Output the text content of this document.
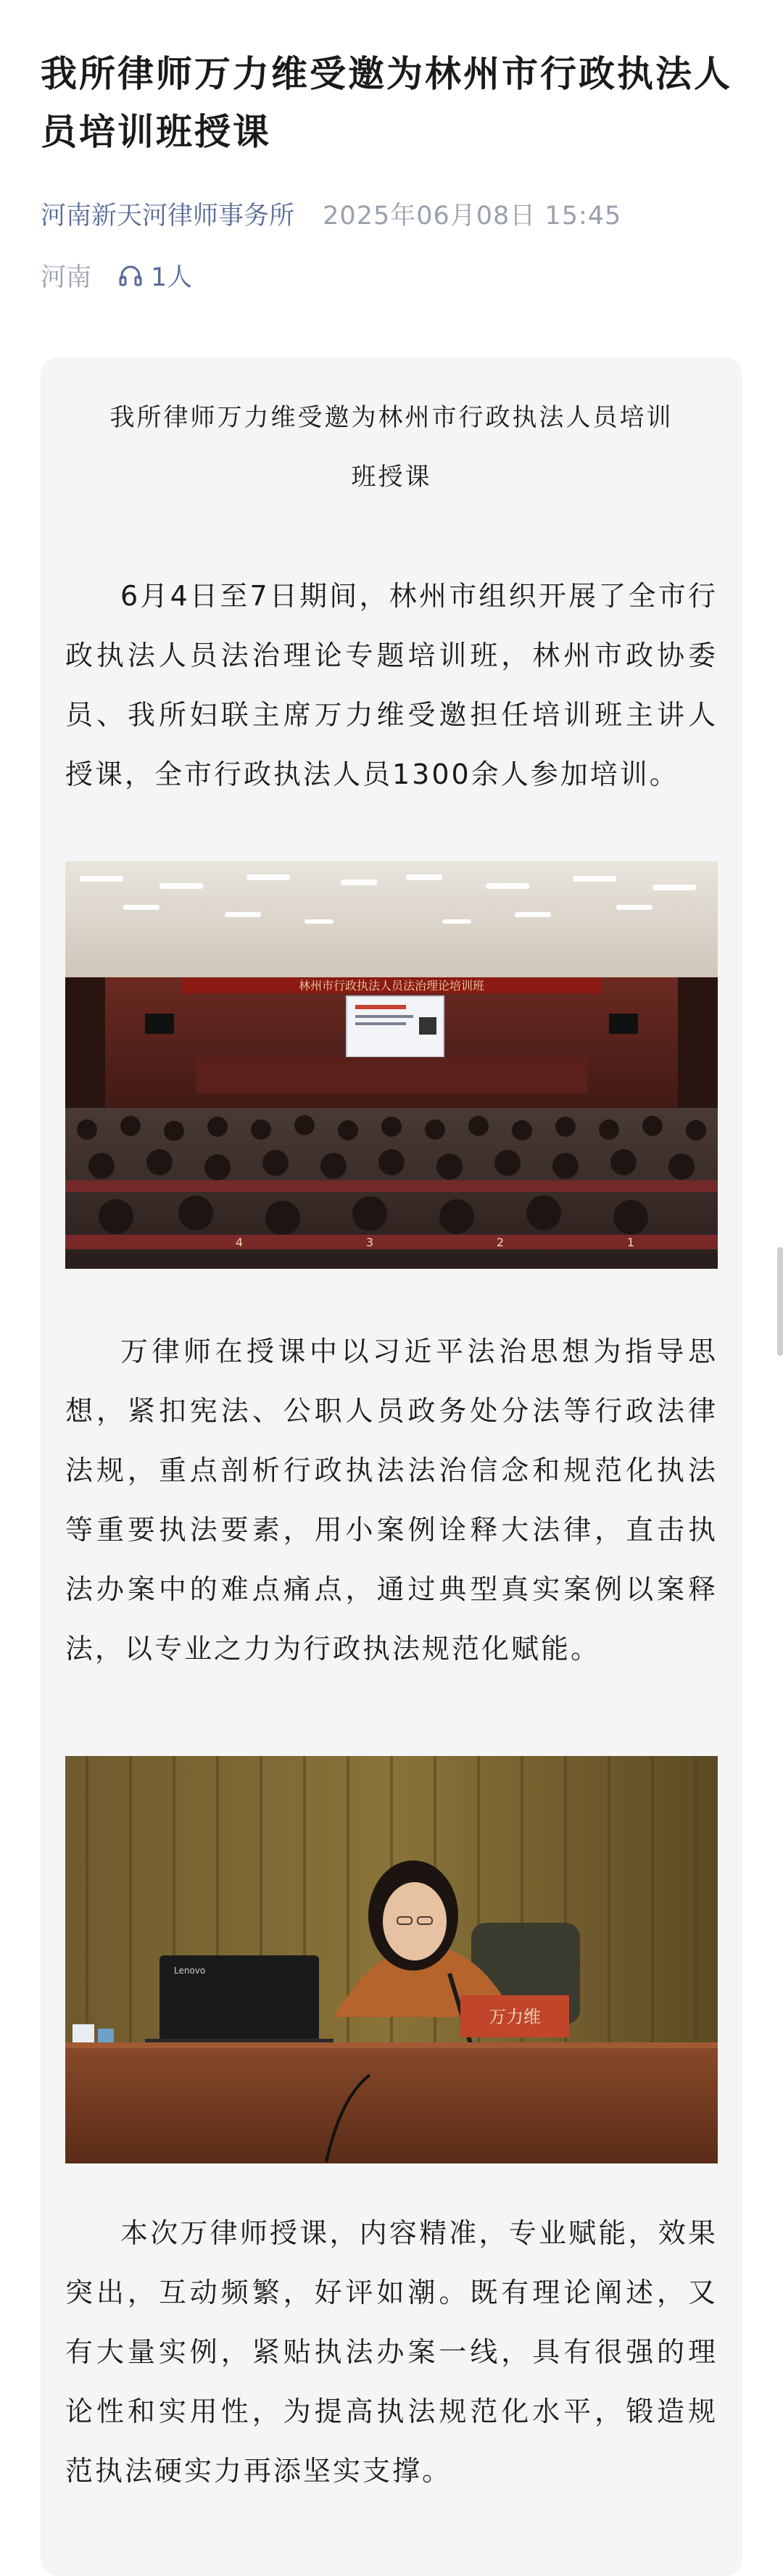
我所律师万力维受邀为林州市行政执法人员培训班授课
河南新天河律师事务所 2025年06月08日 15:45
河南 1人
我所律师万力维受邀为林州市行政执法人员培训班授课

6月4日至7日期间，林州市组织开展了全市行政执法人员法治理论专题培训班，林州市政协委员、我所妇联主席万力维受邀担任培训班主讲人授课，全市行政执法人员1300余人参加培训。

林州市行政执法人员法治理论培训班
4	3	2	1

万律师在授课中以习近平法治思想为指导思想，紧扣宪法、公职人员政务处分法等行政法律法规，重点剖析行政执法法治信念和规范化执法等重要执法要素，用小案例诠释大法律，直击执法办案中的难点痛点，通过典型真实案例以案释法，以专业之力为行政执法规范化赋能。

Lenovo
万力维

本次万律师授课，内容精准，专业赋能，效果突出，互动频繁，好评如潮。既有理论阐述，又有大量实例，紧贴执法办案一线，具有很强的理论性和实用性，为提高执法规范化水平，锻造规范执法硬实力再添坚实支撑。
